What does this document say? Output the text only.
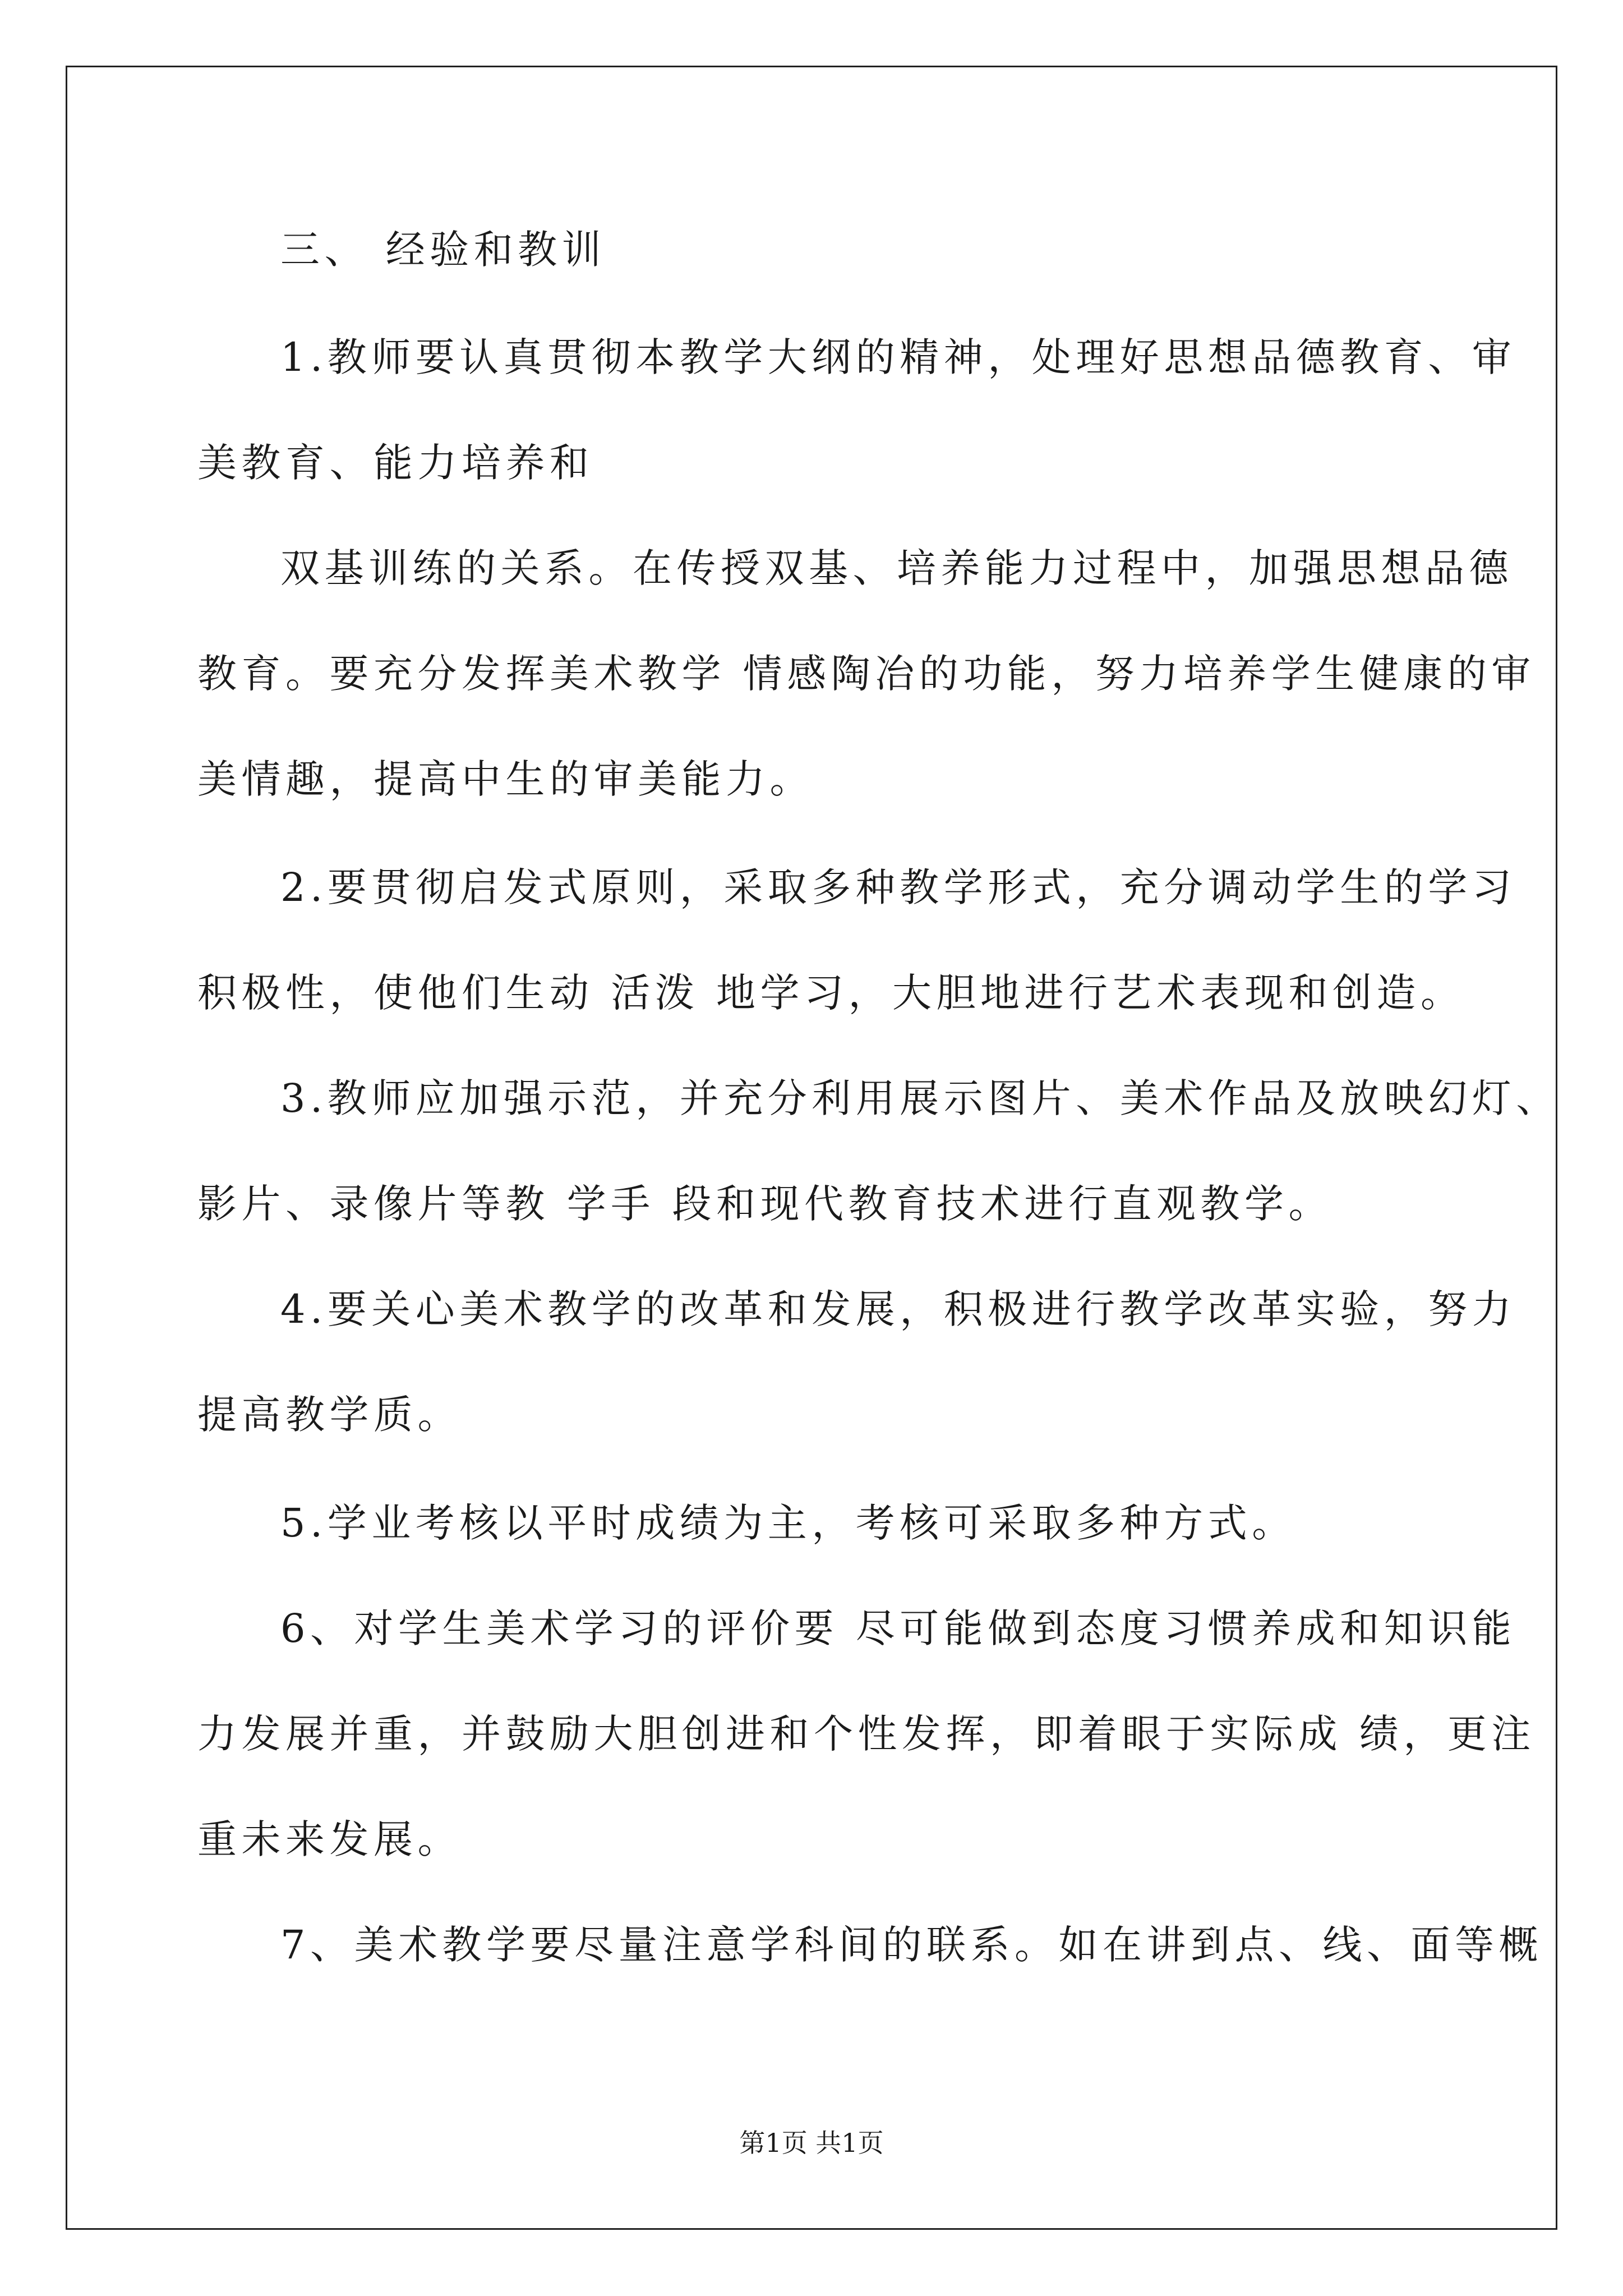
三、 经验和教训
1.教师要认真贯彻本教学大纲的精神，处理好思想品德教育、审
美教育、能力培养和
双基训练的关系。在传授双基、培养能力过程中，加强思想品德
教育。要充分发挥美术教学 情感陶冶的功能，努力培养学生健康的审
美情趣，提高中生的审美能力。
2.要贯彻启发式原则，采取多种教学形式，充分调动学生的学习
积极性，使他们生动 活泼 地学习，大胆地进行艺术表现和创造。
3.教师应加强示范，并充分利用展示图片、美术作品及放映幻灯、
影片、录像片等教 学手 段和现代教育技术进行直观教学。
4.要关心美术教学的改革和发展，积极进行教学改革实验，努力
提高教学质。
5.学业考核以平时成绩为主，考核可采取多种方式。
6、对学生美术学习的评价要 尽可能做到态度习惯养成和知识能
力发展并重，并鼓励大胆创进和个性发挥，即着眼于实际成 绩，更注
重未来发展。
7、美术教学要尽量注意学科间的联系。如在讲到点、线、面等概
第1页 共1页
